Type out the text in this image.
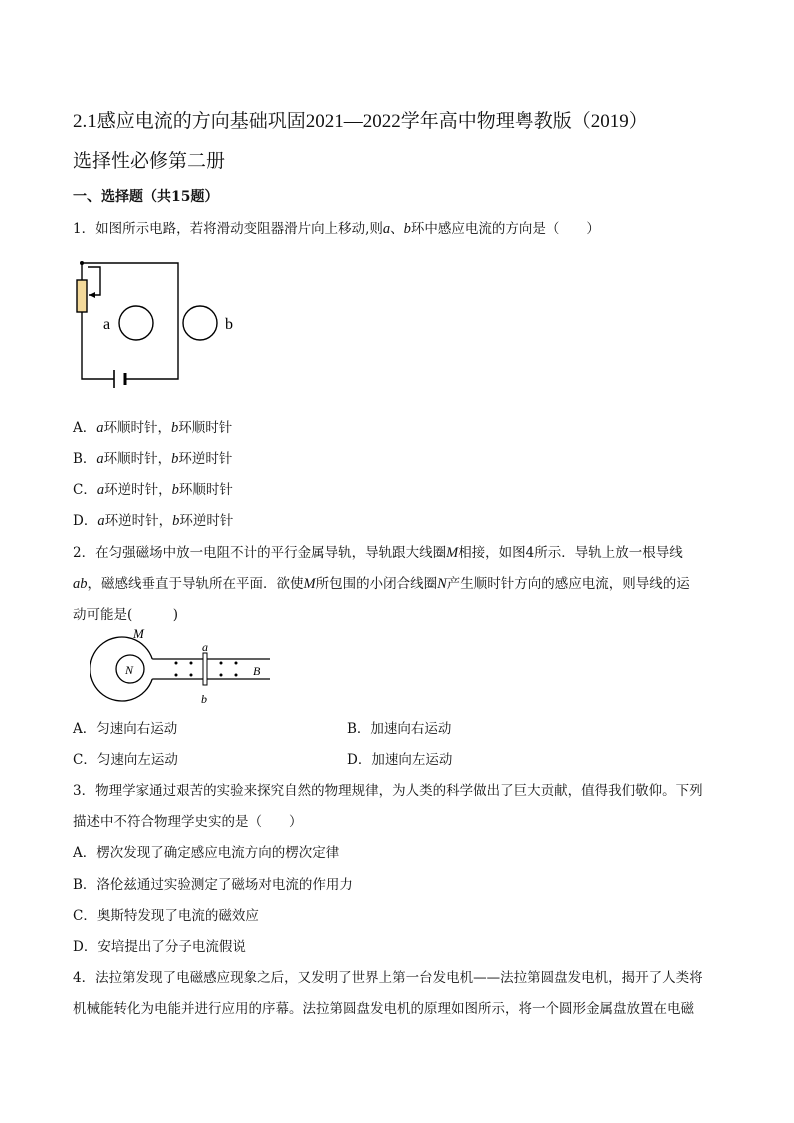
2.1感应电流的方向基础巩固2021—2022学年高中物理粤教版（2019）
选择性必修第二册
一、选择题（共15题）
1．如图所示电路，若将滑动变阻器滑片向上移动,则a、b环中感应电流的方向是（　　）
a	b
A．a环顺时针，b环顺时针
B．a环顺时针，b环逆时针
C．a环逆时针，b环顺时针
D．a环逆时针，b环逆时针
2．在匀强磁场中放一电阻不计的平行金属导轨，导轨跟大线圈M相接，如图4所示．导轨上放一根导线
ab，磁感线垂直于导轨所在平面．欲使M所包围的小闭合线圈N产生顺时针方向的感应电流，则导线的运
动可能是(　　　)
M
N
a
b
B
A．匀速向右运动	B．加速向右运动
C．匀速向左运动	D．加速向左运动
3．物理学家通过艰苦的实验来探究自然的物理规律，为人类的科学做出了巨大贡献，值得我们敬仰。下列
描述中不符合物理学史实的是（　　）
A．楞次发现了确定感应电流方向的楞次定律
B．洛伦兹通过实验测定了磁场对电流的作用力
C．奥斯特发现了电流的磁效应
D．安培提出了分子电流假说
4．法拉第发现了电磁感应现象之后，又发明了世界上第一台发电机——法拉第圆盘发电机，揭开了人类将
机械能转化为电能并进行应用的序幕。法拉第圆盘发电机的原理如图所示，将一个圆形金属盘放置在电磁
